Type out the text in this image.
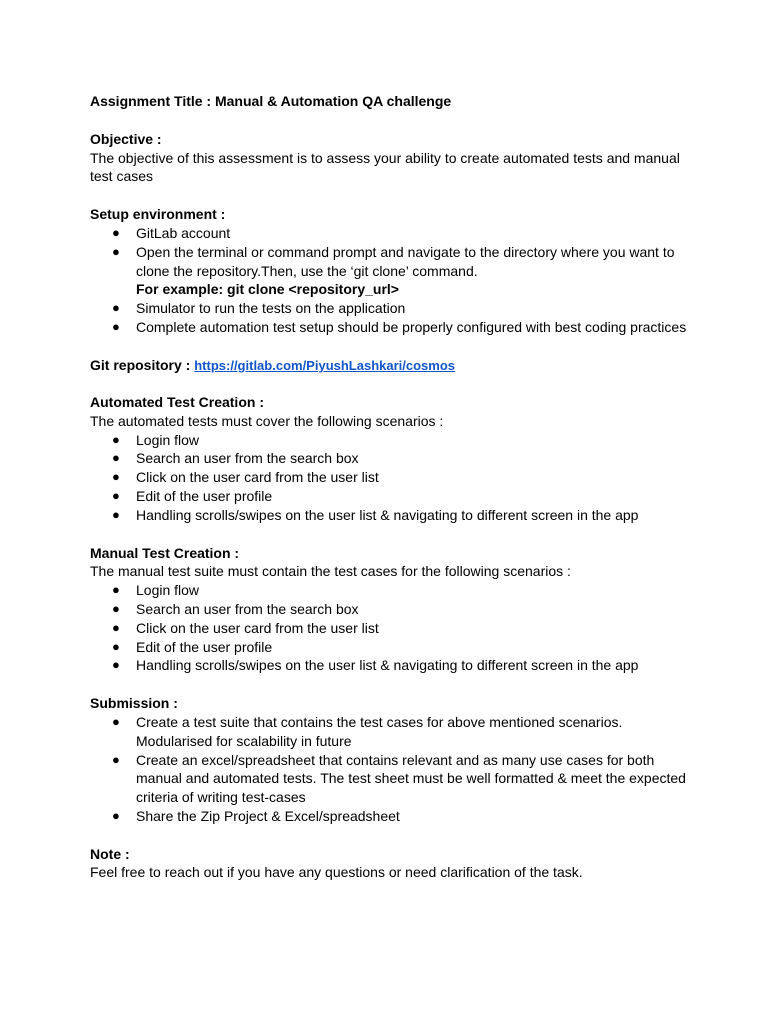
Assignment Title : Manual & Automation QA challenge
Objective :
The objective of this assessment is to assess your ability to create automated tests and manual
test cases
Setup environment :
● GitLab account
● Open the terminal or command prompt and navigate to the directory where you want to
clone the repository.Then, use the ‘git clone’ command.
For example: git clone <repository_url>
● Simulator to run the tests on the application
● Complete automation test setup should be properly configured with best coding practices
Git repository : https://gitlab.com/PiyushLashkari/cosmos
Automated Test Creation :
The automated tests must cover the following scenarios :
● Login flow
● Search an user from the search box
● Click on the user card from the user list
● Edit of the user profile
● Handling scrolls/swipes on the user list & navigating to different screen in the app
Manual Test Creation :
The manual test suite must contain the test cases for the following scenarios :
● Login flow
● Search an user from the search box
● Click on the user card from the user list
● Edit of the user profile
● Handling scrolls/swipes on the user list & navigating to different screen in the app
Submission :
● Create a test suite that contains the test cases for above mentioned scenarios.
Modularised for scalability in future
● Create an excel/spreadsheet that contains relevant and as many use cases for both
manual and automated tests. The test sheet must be well formatted & meet the expected
criteria of writing test-cases
● Share the Zip Project & Excel/spreadsheet
Note :
Feel free to reach out if you have any questions or need clarification of the task.
